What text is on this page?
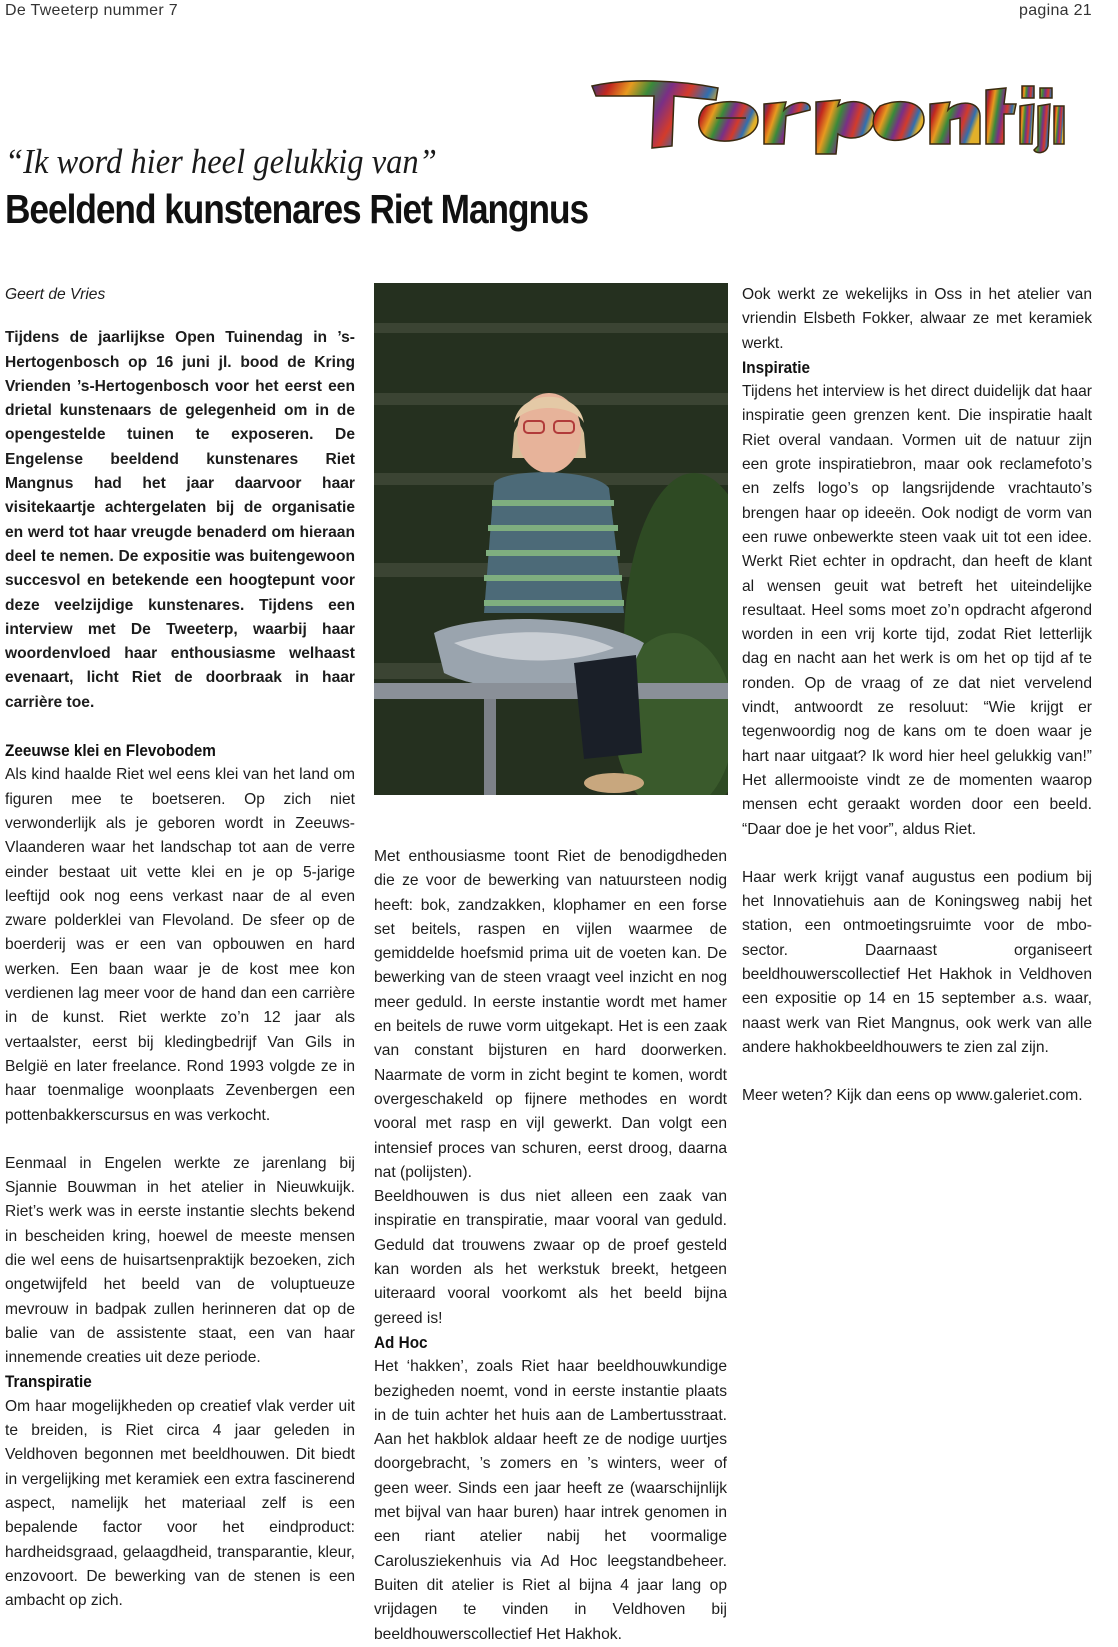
De Tweeterp nummer 7	pagina 21
“Ik word hier heel gelukkig van”
Beeldend kunstenares Riet Mangnus

Geert de Vries

Tijdens de jaarlijkse Open Tuinendag in ’s-Hertogenbosch op 16 juni jl. bood de Kring Vrienden ’s-Hertogenbosch voor het eerst een drietal kunstenaars de gelegenheid om in de opengestelde tuinen te exposeren. De Engelense beeldend kunstenares Riet Mangnus had het jaar daarvoor haar visitekaartje achtergelaten bij de organisatie en werd tot haar vreugde benaderd om hieraan deel te nemen. De expositie was buitengewoon succesvol en betekende een hoogtepunt voor deze veelzijdige kunstenares. Tijdens een interview met De Tweeterp, waarbij haar woordenvloed haar enthousiasme welhaast evenaart, licht Riet de doorbraak in haar carrière toe.

Zeeuwse klei en Flevobodem

Als kind haalde Riet wel eens klei van het land om figuren mee te boetseren. Op zich niet verwonderlijk als je geboren wordt in Zeeuws-Vlaanderen waar het landschap tot aan de verre einder bestaat uit vette klei en je op 5-jarige leeftijd ook nog eens verkast naar de al even zware polderklei van Flevoland. De sfeer op de boerderij was er een van opbouwen en hard werken. Een baan waar je de kost mee kon verdienen lag meer voor de hand dan een carrière in de kunst. Riet werkte zo’n 12 jaar als vertaalster, eerst bij kledingbedrijf Van Gils in België en later freelance. Rond 1993 volgde ze in haar toenmalige woonplaats Zevenbergen een pottenbakkerscursus en was verkocht.

Eenmaal in Engelen werkte ze jarenlang bij Sjannie Bouwman in het atelier in Nieuwkuijk. Riet’s werk was in eerste instantie slechts bekend in bescheiden kring, hoewel de meeste mensen die wel eens de huisartsenpraktijk bezoeken, zich ongetwijfeld het beeld van de voluptueuze mevrouw in badpak zullen herinneren dat op de balie van de assistente staat, een van haar innemende creaties uit deze periode.

Transpiratie

Om haar mogelijkheden op creatief vlak verder uit te breiden, is Riet circa 4 jaar geleden in Veldhoven begonnen met beeldhouwen. Dit biedt in vergelijking met keramiek een extra fascinerend aspect, namelijk het materiaal zelf is een bepalende factor voor het eindproduct: hardheidsgraad, gelaagdheid, transparantie, kleur, enzovoort. De bewerking van de stenen is een ambacht op zich.

Met enthousiasme toont Riet de benodigdheden die ze voor de bewerking van natuursteen nodig heeft: bok, zandzakken, klophamer en een forse set beitels, raspen en vijlen waarmee de gemiddelde hoefsmid prima uit de voeten kan. De bewerking van de steen vraagt veel inzicht en nog meer geduld. In eerste instantie wordt met hamer en beitels de ruwe vorm uitgekapt. Het is een zaak van constant bijsturen en hard doorwerken. Naarmate de vorm in zicht begint te komen, wordt overgeschakeld op fijnere methodes en wordt vooral met rasp en vijl gewerkt. Dan volgt een intensief proces van schuren, eerst droog, daarna nat (polijsten).

Beeldhouwen is dus niet alleen een zaak van inspiratie en transpiratie, maar vooral van geduld. Geduld dat trouwens zwaar op de proef gesteld kan worden als het werkstuk breekt, hetgeen uiteraard vooral voorkomt als het beeld bijna gereed is!

Ad Hoc

Het ‘hakken’, zoals Riet haar beeldhouwkundige bezigheden noemt, vond in eerste instantie plaats in de tuin achter het huis aan de Lambertusstraat. Aan het hakblok aldaar heeft ze de nodige uurtjes doorgebracht, ’s zomers en ’s winters, weer of geen weer. Sinds een jaar heeft ze (waarschijnlijk met bijval van haar buren) haar intrek genomen in een riant atelier nabij het voormalige Carolusziekenhuis via Ad Hoc leegstandbeheer. Buiten dit atelier is Riet al bijna 4 jaar lang op vrijdagen te vinden in Veldhoven bij beeldhouwerscollectief Het Hakhok.

Ook werkt ze wekelijks in Oss in het atelier van vriendin Elsbeth Fokker, alwaar ze met keramiek werkt.

Inspiratie

Tijdens het interview is het direct duidelijk dat haar inspiratie geen grenzen kent. Die inspiratie haalt Riet overal vandaan. Vormen uit de natuur zijn een grote inspiratiebron, maar ook reclamefoto’s en zelfs logo’s op langsrijdende vrachtauto’s brengen haar op ideeën. Ook nodigt de vorm van een ruwe onbewerkte steen vaak uit tot een idee. Werkt Riet echter in opdracht, dan heeft de klant al wensen geuit wat betreft het uiteindelijke resultaat. Heel soms moet zo’n opdracht afgerond worden in een vrij korte tijd, zodat Riet letterlijk dag en nacht aan het werk is om het op tijd af te ronden. Op de vraag of ze dat niet vervelend vindt, antwoordt ze resoluut: “Wie krijgt er tegenwoordig nog de kans om te doen waar je hart naar uitgaat? Ik word hier heel gelukkig van!” Het allermooiste vindt ze de momenten waarop mensen echt geraakt worden door een beeld. “Daar doe je het voor”, aldus Riet.

Haar werk krijgt vanaf augustus een podium bij het Innovatiehuis aan de Koningsweg nabij het station, een ontmoetingsruimte voor de mbo-sector. Daarnaast organiseert beeldhouwerscollectief Het Hakhok in Veldhoven een expositie op 14 en 15 september a.s. waar, naast werk van Riet Mangnus, ook werk van alle andere hakhokbeeldhouwers te zien zal zijn.

Meer weten? Kijk dan eens op www.galeriet.com.
